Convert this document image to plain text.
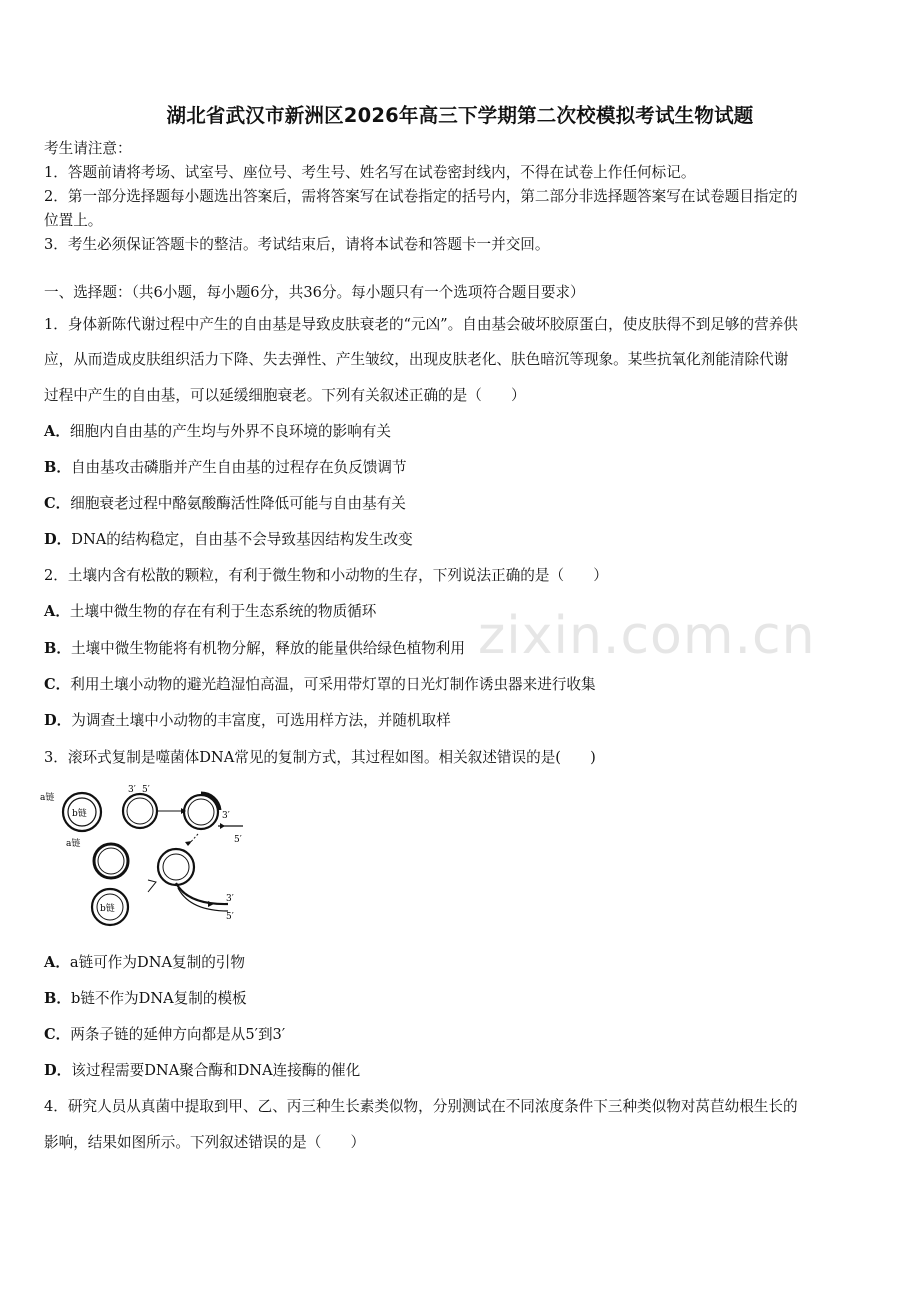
湖北省武汉市新洲区2026年高三下学期第二次校模拟考试生物试题
考生请注意：
1．答题前请将考场、试室号、座位号、考生号、姓名写在试卷密封线内，不得在试卷上作任何标记。
2．第一部分选择题每小题选出答案后，需将答案写在试卷指定的括号内，第二部分非选择题答案写在试卷题目指定的
位置上。
3．考生必须保证答题卡的整洁。考试结束后，请将本试卷和答题卡一并交回。
一、选择题：（共6小题，每小题6分，共36分。每小题只有一个选项符合题目要求）
1．身体新陈代谢过程中产生的自由基是导致皮肤衰老的“元凶”。自由基会破坏胶原蛋白，使皮肤得不到足够的营养供
应，从而造成皮肤组织活力下降、失去弹性、产生皱纹，出现皮肤老化、肤色暗沉等现象。某些抗氧化剂能清除代谢
过程中产生的自由基，可以延缓细胞衰老。下列有关叙述正确的是（　　）
A．细胞内自由基的产生均与外界不良环境的影响有关
B．自由基攻击磷脂并产生自由基的过程存在负反馈调节
C．细胞衰老过程中酪氨酸酶活性降低可能与自由基有关
D．DNA的结构稳定，自由基不会导致基因结构发生改变
2．土壤内含有松散的颗粒，有利于微生物和小动物的生存，下列说法正确的是（　　）
A．土壤中微生物的存在有利于生态系统的物质循环
B．土壤中微生物能将有机物分解，释放的能量供给绿色植物利用
C．利用土壤小动物的避光趋湿怕高温，可采用带灯罩的日光灯制作诱虫器来进行收集
D．为调查土壤中小动物的丰富度，可选用样方法，并随机取样
3．滚环式复制是噬菌体DNA常见的复制方式，其过程如图。相关叙述错误的是(　　)
a链
b链
3′ 5′
3′
5′
a链
3′
5′
b链
A．a链可作为DNA复制的引物
B．b链不作为DNA复制的模板
C．两条子链的延伸方向都是从5′到3′
D．该过程需要DNA聚合酶和DNA连接酶的催化
4．研究人员从真菌中提取到甲、乙、丙三种生长素类似物，分别测试在不同浓度条件下三种类似物对莴苣幼根生长的
影响，结果如图所示。下列叙述错误的是（　　）
zixin.com.cn
